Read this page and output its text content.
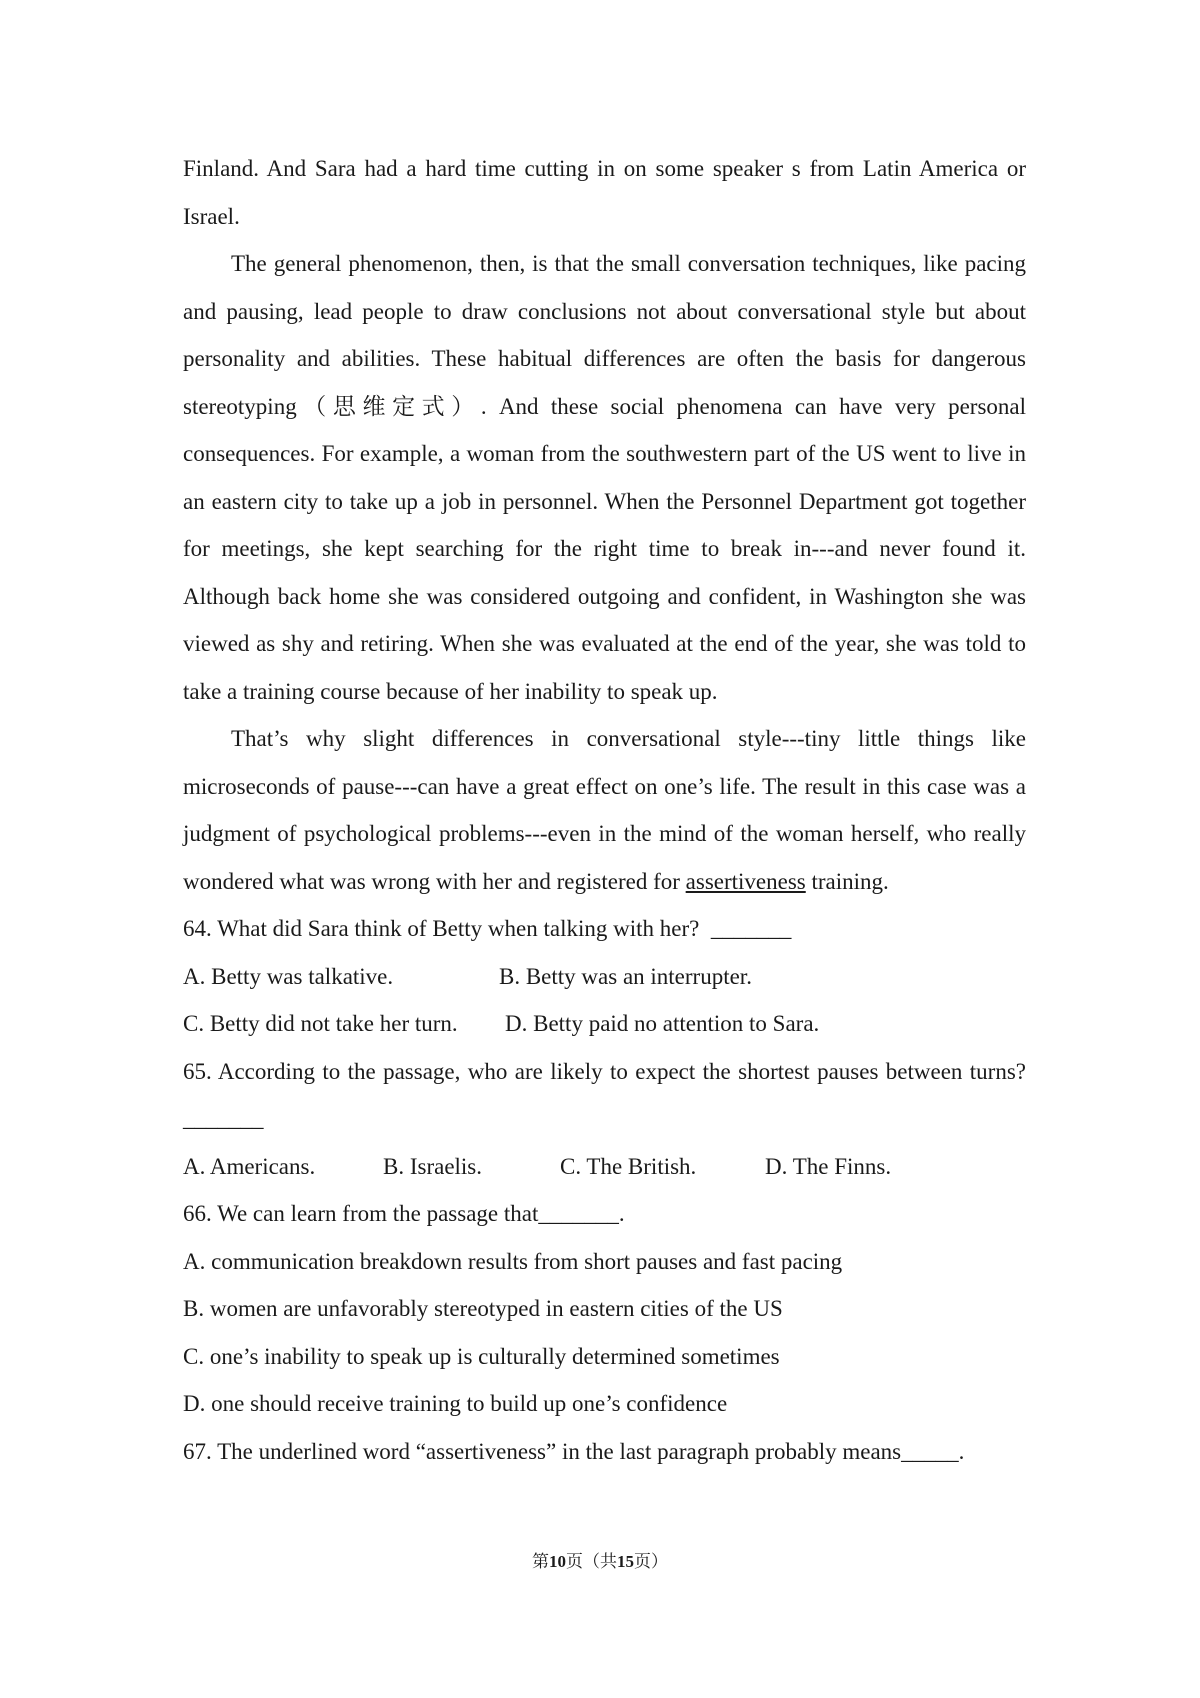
Finland. And Sara had a hard time cutting in on some speaker s from Latin America or Israel.

The general phenomenon, then, is that the small conversation techniques, like pacing and pausing, lead people to draw conclusions not about conversational style but about personality and abilities. These habitual differences are often the basis for dangerous stereotyping（思维定式）. And these social phenomena can have very personal consequences. For example, a woman from the southwestern part of the US went to live in an eastern city to take up a job in personnel. When the Personnel Department got together for meetings, she kept searching for the right time to break in---and never found it. Although back home she was considered outgoing and confident, in Washington she was viewed as shy and retiring. When she was evaluated at the end of the year, she was told to take a training course because of her inability to speak up.

That’s why slight differences in conversational style---tiny little things like microseconds of pause---can have a great effect on one’s life. The result in this case was a judgment of psychological problems---even in the mind of the woman herself, who really wondered what was wrong with her and registered for assertiveness training.

64. What did Sara think of Betty when talking with her?  _______

A. Betty was talkative.	B. Betty was an interrupter.
C. Betty did not take her turn.	D. Betty paid no attention to Sara.

65. According to the passage, who are likely to expect the shortest pauses between turns? _______

A. Americans.	B. Israelis.	C. The British.	D. The Finns.

66. We can learn from the passage that_______.

A. communication breakdown results from short pauses and fast pacing

B. women are unfavorably stereotyped in eastern cities of the US

C. one’s inability to speak up is culturally determined sometimes

D. one should receive training to build up one’s confidence

67. The underlined word “assertiveness” in the last paragraph probably means_____.

第10页（共15页）
